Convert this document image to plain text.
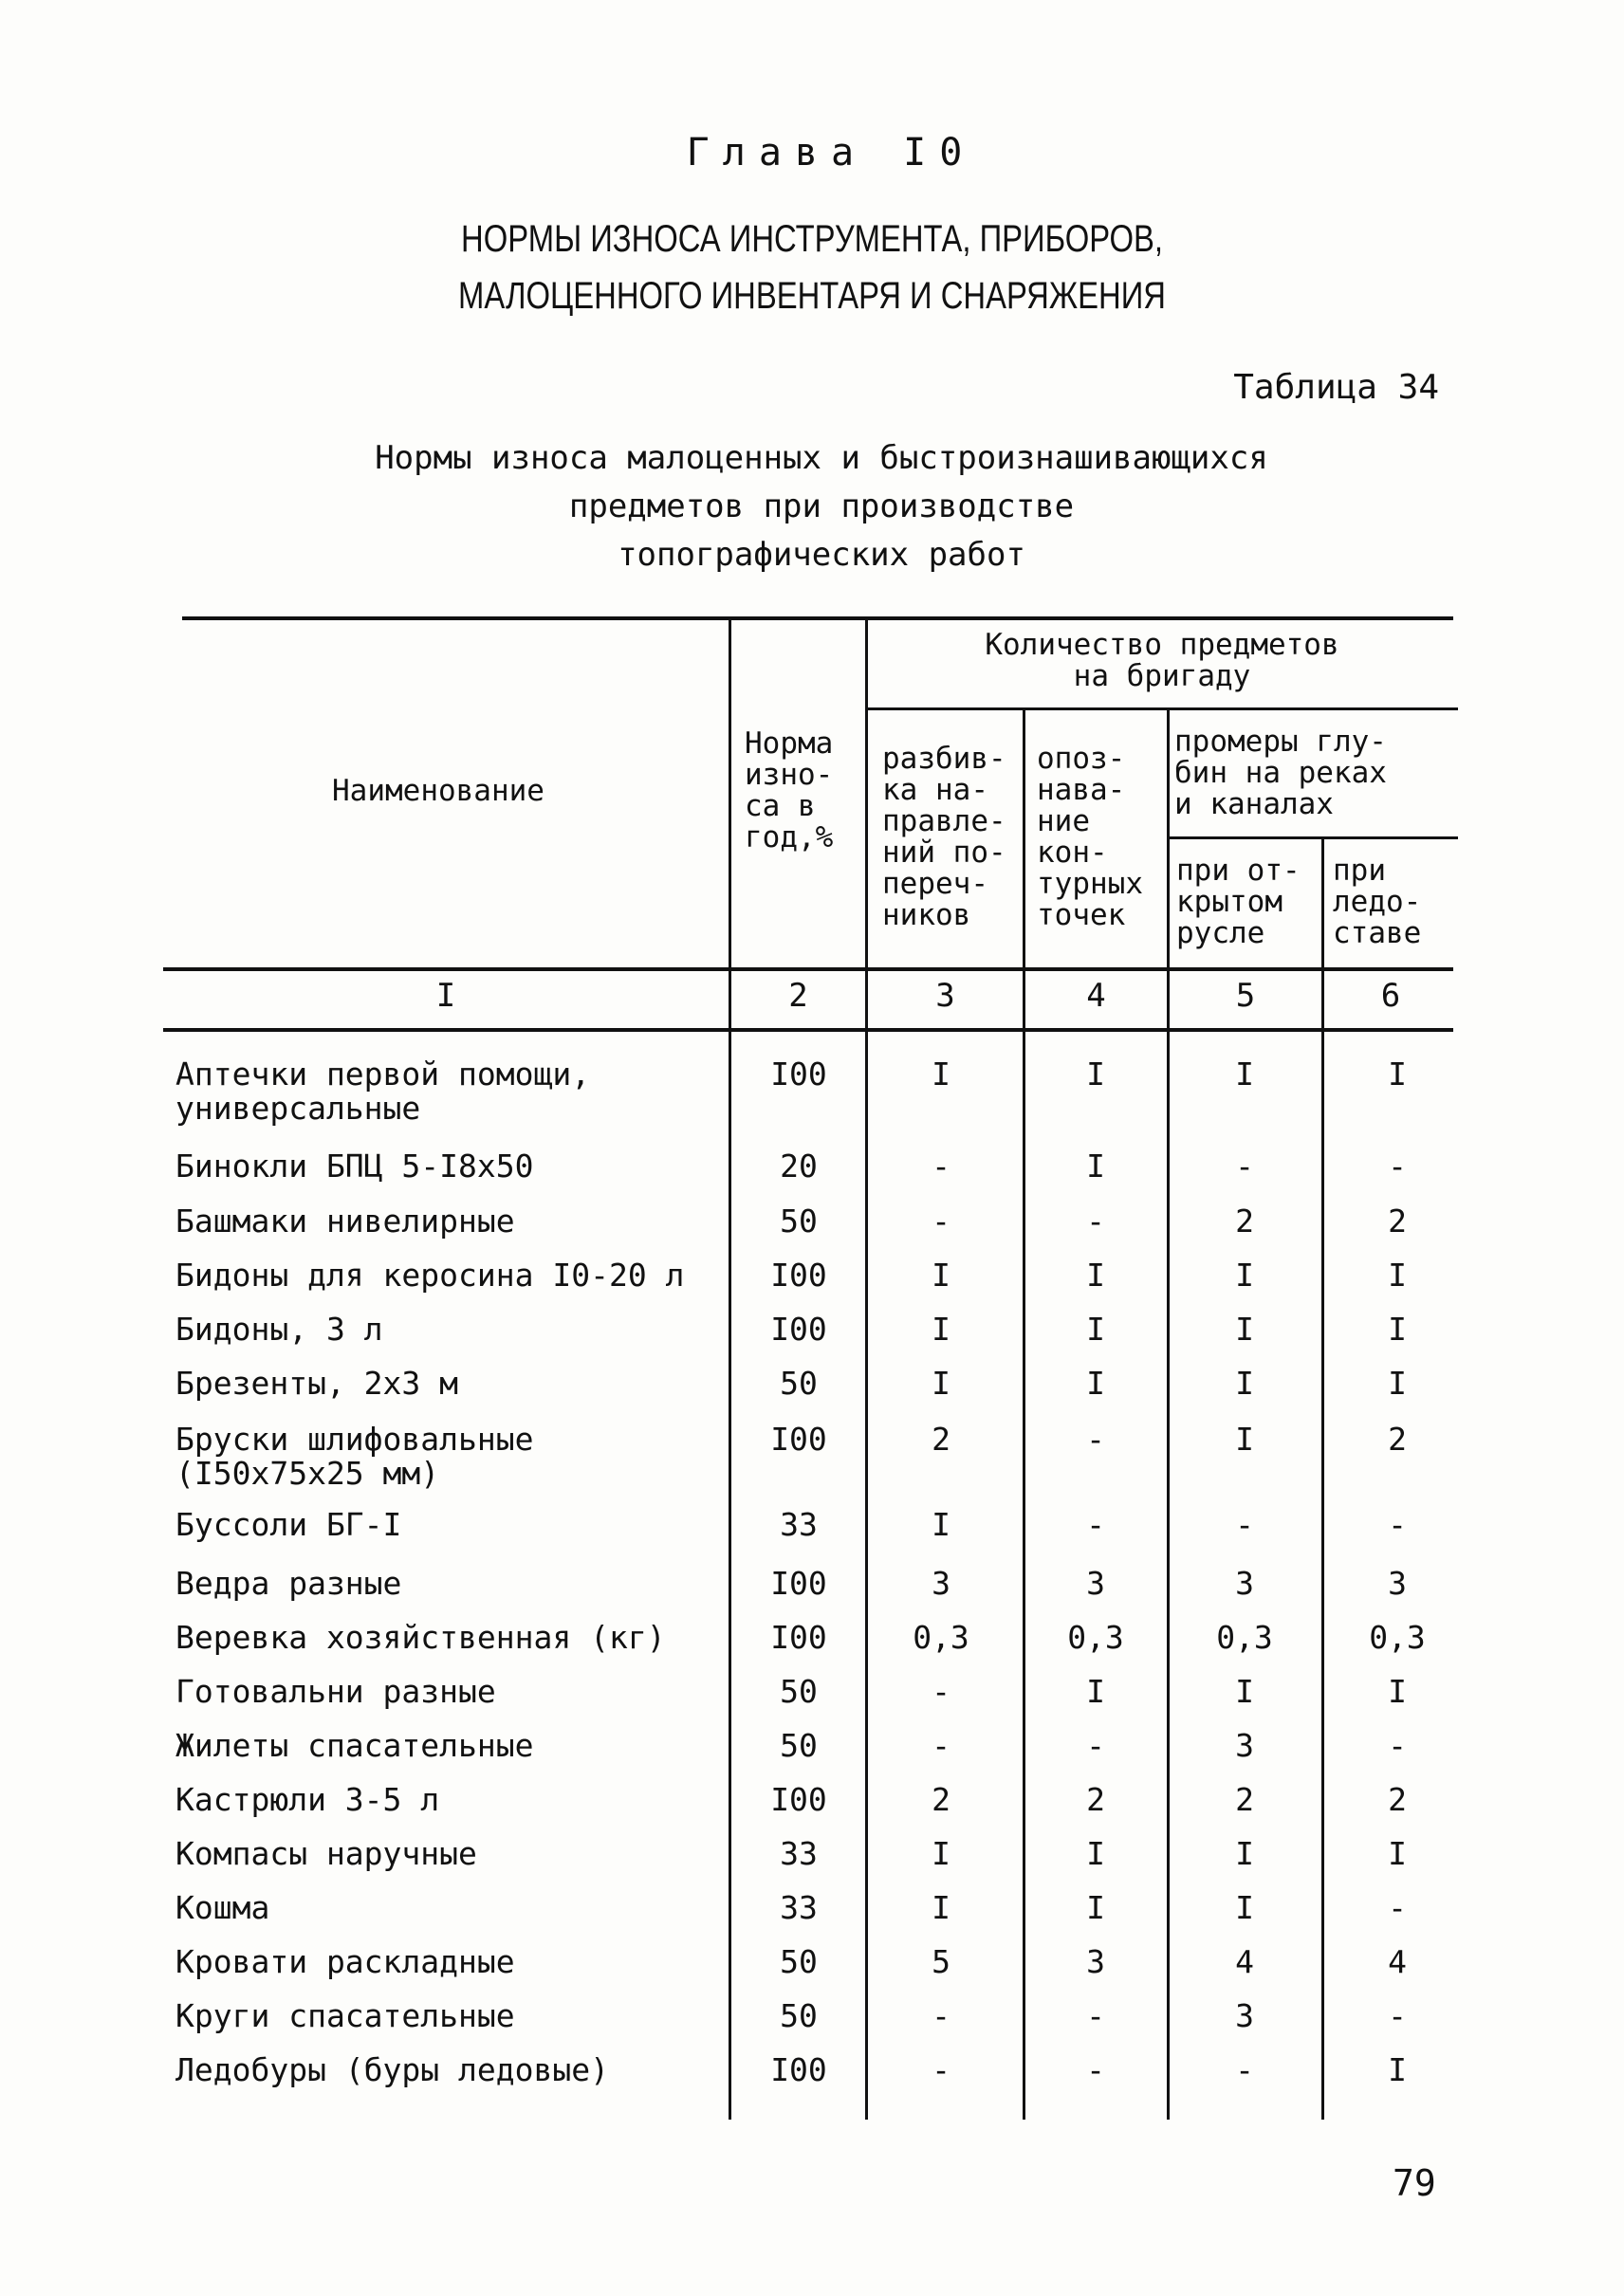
Глава I0
НОРМЫ ИЗНОСА ИНСТРУМЕНТА, ПРИБОРОВ,
МАЛОЦЕННОГО ИНВЕНТАРЯ И СНАРЯЖЕНИЯ
Таблица 34
Нормы износа малоценных и быстроизнашивающихся
предметов при производстве
топографических работ
Наименование
Норма
изно-
са в
год,%
Количество предметов
на бригаду
разбив-
ка на-
правле-
ний по-
переч-
ников
опоз-
нава-
ние
кон-
турных
точек
промеры глу-
бин на реках
и каналах
при от-
крытом
русле
при
ледо-
ставе
I	2	3	4	5	6
Аптечки первой помощи,
универсальные
I00	I	I	I	I
Бинокли БПЦ 5-I8x50	20	-	I	-	-
Башмаки нивелирные	50	-	-	2	2
Бидоны для керосина I0-20 л	I00	I	I	I	I
Бидоны, 3 л	I00	I	I	I	I
Брезенты, 2x3 м	50	I	I	I	I
Бруски шлифовальные
(I50x75x25 мм)
I00	2	-	I	2
Буссоли БГ-I	33	I	-	-	-
Ведра разные	I00	3	3	3	3
Веревка хозяйственная (кг)	I00	0,3	0,3	0,3	0,3
Готовальни разные	50	-	I	I	I
Жилеты спасательные	50	-	-	3	-
Кастрюли 3-5 л	I00	2	2	2	2
Компасы наручные	33	I	I	I	I
Кошма	33	I	I	I	-
Кровати раскладные	50	5	3	4	4
Круги спасательные	50	-	-	3	-
Ледобуры (буры ледовые)	I00	-	-	-	I
79
